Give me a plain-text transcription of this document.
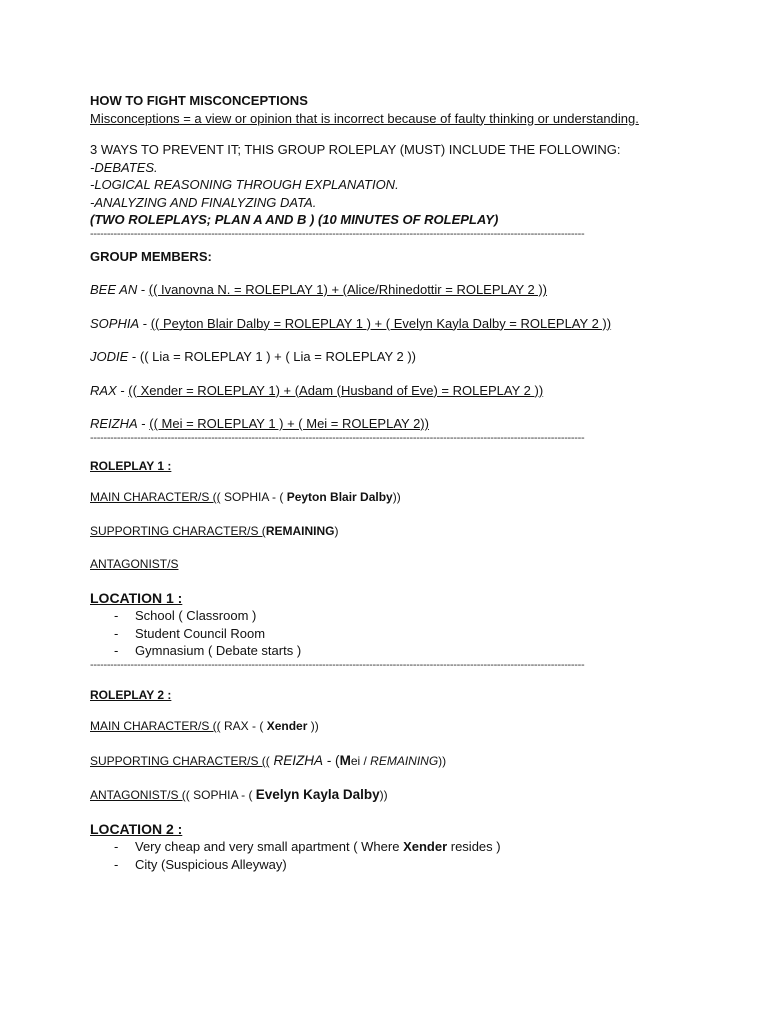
HOW TO FIGHT MISCONCEPTIONS
Misconceptions = a view or opinion that is incorrect because of faulty thinking or understanding.
3 WAYS TO PREVENT IT; THIS GROUP ROLEPLAY (MUST) INCLUDE THE FOLLOWING:
-DEBATES.
-LOGICAL REASONING THROUGH EXPLANATION.
-ANALYZING AND FINALYZING DATA.
(TWO ROLEPLAYS; PLAN A AND B ) (10 MINUTES OF ROLEPLAY)
---------------------------------------------------------------------------------------------------------------------------------------------------
GROUP MEMBERS:
BEE AN - (( Ivanovna N. = ROLEPLAY 1) + (Alice/Rhinedottir = ROLEPLAY 2 ))
SOPHIA - (( Peyton Blair Dalby = ROLEPLAY 1 ) + ( Evelyn Kayla Dalby = ROLEPLAY 2 ))
JODIE - (( Lia = ROLEPLAY 1 ) + ( Lia = ROLEPLAY 2 ))
RAX - (( Xender = ROLEPLAY 1) + (Adam (Husband of Eve) = ROLEPLAY 2 ))
REIZHA - (( Mei = ROLEPLAY 1 ) + ( Mei = ROLEPLAY 2))
---------------------------------------------------------------------------------------------------------------------------------------------------
ROLEPLAY 1 :
MAIN CHARACTER/S (( SOPHIA - ( Peyton Blair Dalby))
SUPPORTING CHARACTER/S (REMAINING)
ANTAGONIST/S
LOCATION 1 :
- School ( Classroom )
- Student Council Room
- Gymnasium ( Debate starts )
---------------------------------------------------------------------------------------------------------------------------------------------------
ROLEPLAY 2 :
MAIN CHARACTER/S (( RAX - ( Xender ))
SUPPORTING CHARACTER/S (( REIZHA - (Mei / REMAINING))
ANTAGONIST/S (( SOPHIA - ( Evelyn Kayla Dalby))
LOCATION 2 :
- Very cheap and very small apartment ( Where Xender resides )
- City (Suspicious Alleyway)
